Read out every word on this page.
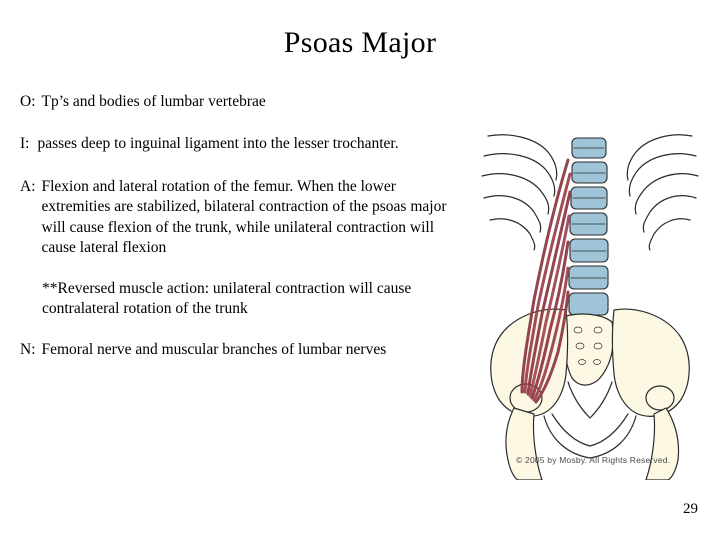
Psoas Major
O: Tp’s and bodies of lumbar vertebrae
I: passes deep to inguinal ligament into the lesser trochanter.
A: Flexion and lateral rotation of the femur. When the lower extremities are stabilized, bilateral contraction of the psoas major will cause flexion of the trunk, while unilateral contraction will cause lateral flexion
**Reversed muscle action: unilateral contraction will cause contralateral rotation of the trunk
N: Femoral nerve and muscular branches of lumbar nerves
© 2005 by Mosby. All Rights Reserved.
29
